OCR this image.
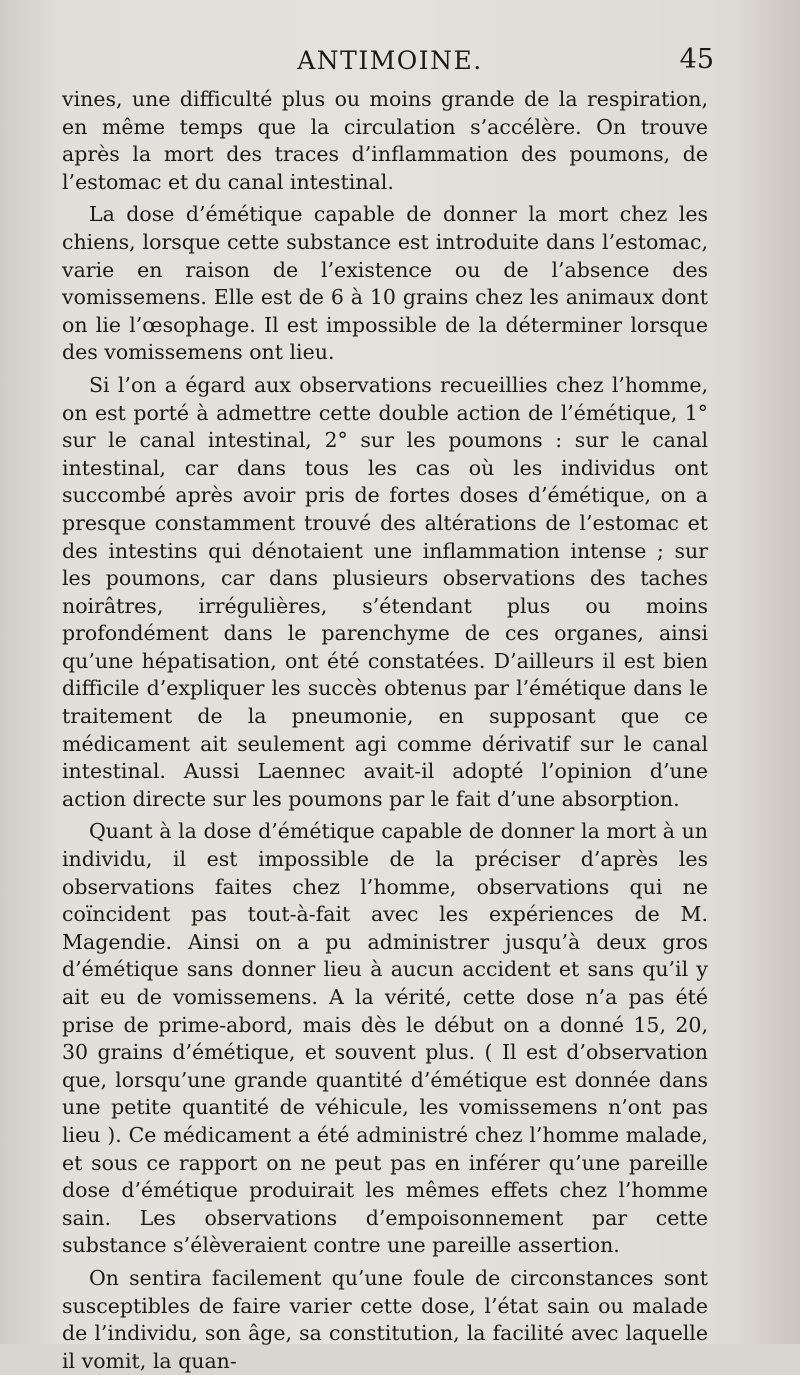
ANTIMOINE.	45

vines, une difficulté plus ou moins grande de la respiration, en même temps que la circulation s’accélère. On trouve après la mort des traces d’inflammation des poumons, de l’estomac et du canal intestinal.

La dose d’émétique capable de donner la mort chez les chiens, lorsque cette substance est introduite dans l’estomac, varie en raison de l’existence ou de l’absence des vomissemens. Elle est de 6 à 10 grains chez les animaux dont on lie l’œsophage. Il est impossible de la déterminer lorsque des vomissemens ont lieu.

Si l’on a égard aux observations recueillies chez l’homme, on est porté à admettre cette double action de l’émétique, 1° sur le canal intestinal, 2° sur les poumons : sur le canal intestinal, car dans tous les cas où les individus ont succombé après avoir pris de fortes doses d’émétique, on a presque constamment trouvé des altérations de l’estomac et des intestins qui dénotaient une inflammation intense ; sur les poumons, car dans plusieurs observations des taches noirâtres, irrégulières, s’étendant plus ou moins profondément dans le parenchyme de ces organes, ainsi qu’une hépatisation, ont été constatées. D’ailleurs il est bien difficile d’expliquer les succès obtenus par l’émétique dans le traitement de la pneumonie, en supposant que ce médicament ait seulement agi comme dérivatif sur le canal intestinal. Aussi Laennec avait-il adopté l’opinion d’une action directe sur les poumons par le fait d’une absorption.

Quant à la dose d’émétique capable de donner la mort à un individu, il est impossible de la préciser d’après les observations faites chez l’homme, observations qui ne coïncident pas tout-à-fait avec les expériences de M. Magendie. Ainsi on a pu administrer jusqu’à deux gros d’émétique sans donner lieu à aucun accident et sans qu’il y ait eu de vomissemens. A la vérité, cette dose n’a pas été prise de prime-abord, mais dès le début on a donné 15, 20, 30 grains d’émétique, et souvent plus. ( Il est d’observation que, lorsqu’une grande quantité d’émétique est donnée dans une petite quantité de véhicule, les vomissemens n’ont pas lieu ). Ce médicament a été administré chez l’homme malade, et sous ce rapport on ne peut pas en inférer qu’une pareille dose d’émétique produirait les mêmes effets chez l’homme sain. Les observations d’empoisonnement par cette substance s’élèveraient contre une pareille assertion.

On sentira facilement qu’une foule de circonstances sont susceptibles de faire varier cette dose, l’état sain ou malade de l’individu, son âge, sa constitution, la facilité avec laquelle il vomit, la quan-
